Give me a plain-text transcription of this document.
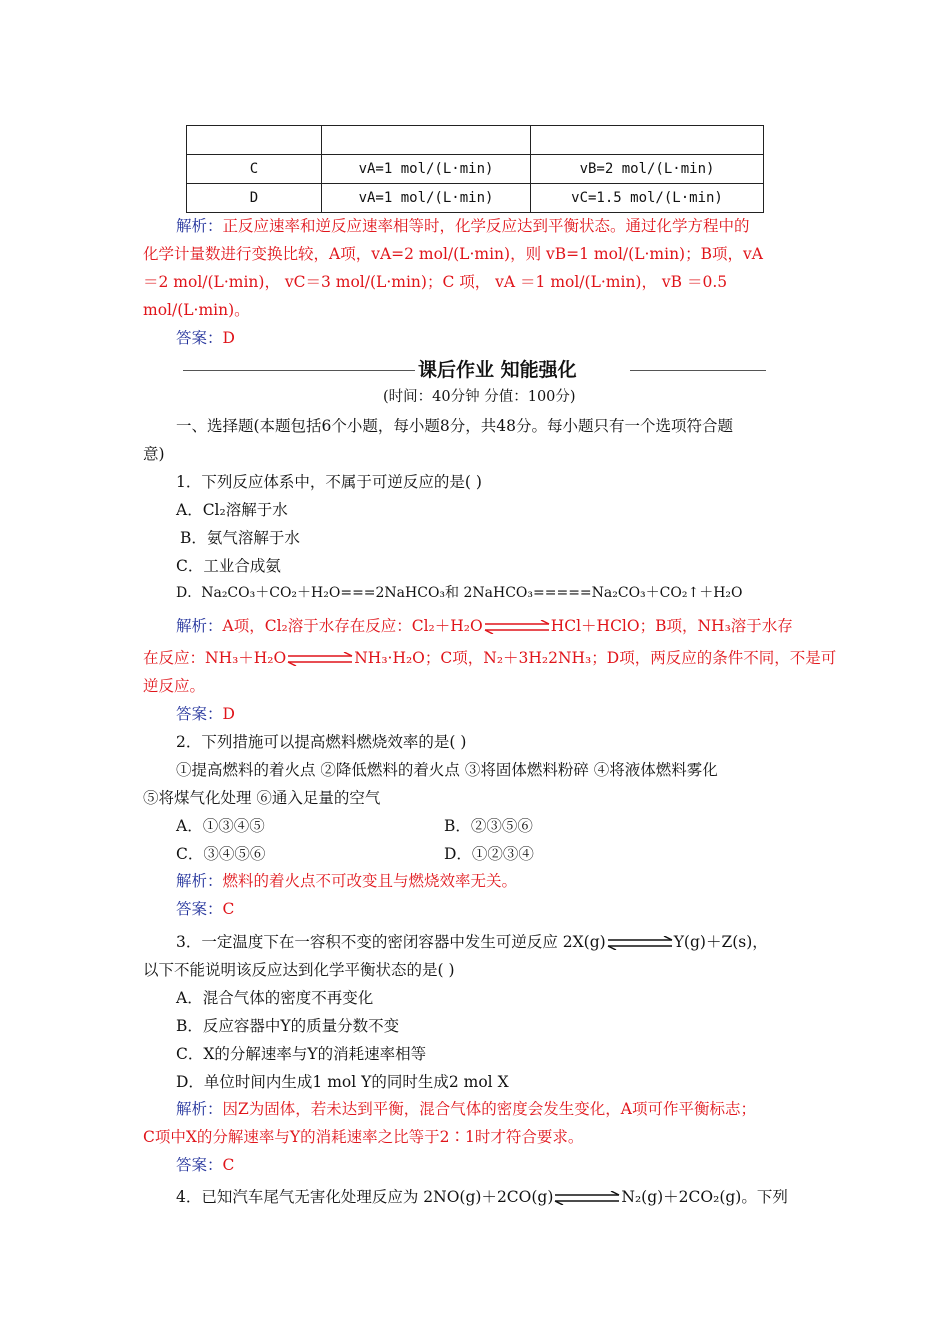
C	vA=1 mol/(L·min)	vB=2 mol/(L·min)
D	vA=1 mol/(L·min)	vC=1.5 mol/(L·min)
解析：正反应速率和逆反应速率相等时，化学反应达到平衡状态。通过化学方程中的
化学计量数进行变换比较，A项，vA=2 mol/(L·min)，则 vB=1 mol/(L·min)；B项，vA
＝2 mol/(L·min)， vC＝3 mol/(L·min)；C 项， vA ＝1 mol/(L·min)， vB ＝0.5
mol/(L·min)。
答案：D
课后作业 知能强化
(时间：40分钟 分值：100分)
一、选择题(本题包括6个小题，每小题8分，共48分。每小题只有一个选项符合题
意)
1．下列反应体系中，不属于可逆反应的是( )
A．Cl₂溶解于水
B．氨气溶解于水
C．工业合成氨
D．Na₂CO₃＋CO₂＋H₂O===2NaHCO₃和 2NaHCO₃=====Na₂CO₃＋CO₂↑＋H₂O
解析：A项，Cl₂溶于水存在反应：Cl₂＋H₂O	HCl＋HClO；B项，NH₃溶于水存
在反应：NH₃＋H₂O	NH₃·H₂O；C项，N₂＋3H₂2NH₃；D项，两反应的条件不同，不是可
逆反应。
答案：D
2．下列措施可以提高燃料燃烧效率的是( )
①提高燃料的着火点 ②降低燃料的着火点 ③将固体燃料粉碎 ④将液体燃料雾化
⑤将煤气化处理 ⑥通入足量的空气
A．①③④⑤	B．②③⑤⑥
C．③④⑤⑥	D．①②③④
解析：燃料的着火点不可改变且与燃烧效率无关。
答案：C
3．一定温度下在一容积不变的密闭容器中发生可逆反应 2X(g)	Y(g)＋Z(s)，
以下不能说明该反应达到化学平衡状态的是( )
A．混合气体的密度不再变化
B．反应容器中Y的质量分数不变
C．X的分解速率与Y的消耗速率相等
D．单位时间内生成1 mol Y的同时生成2 mol X
解析：因Z为固体，若未达到平衡，混合气体的密度会发生变化，A项可作平衡标志；
C项中X的分解速率与Y的消耗速率之比等于2∶1时才符合要求。
答案：C
4．已知汽车尾气无害化处理反应为 2NO(g)＋2CO(g)	N₂(g)＋2CO₂(g)。下列
